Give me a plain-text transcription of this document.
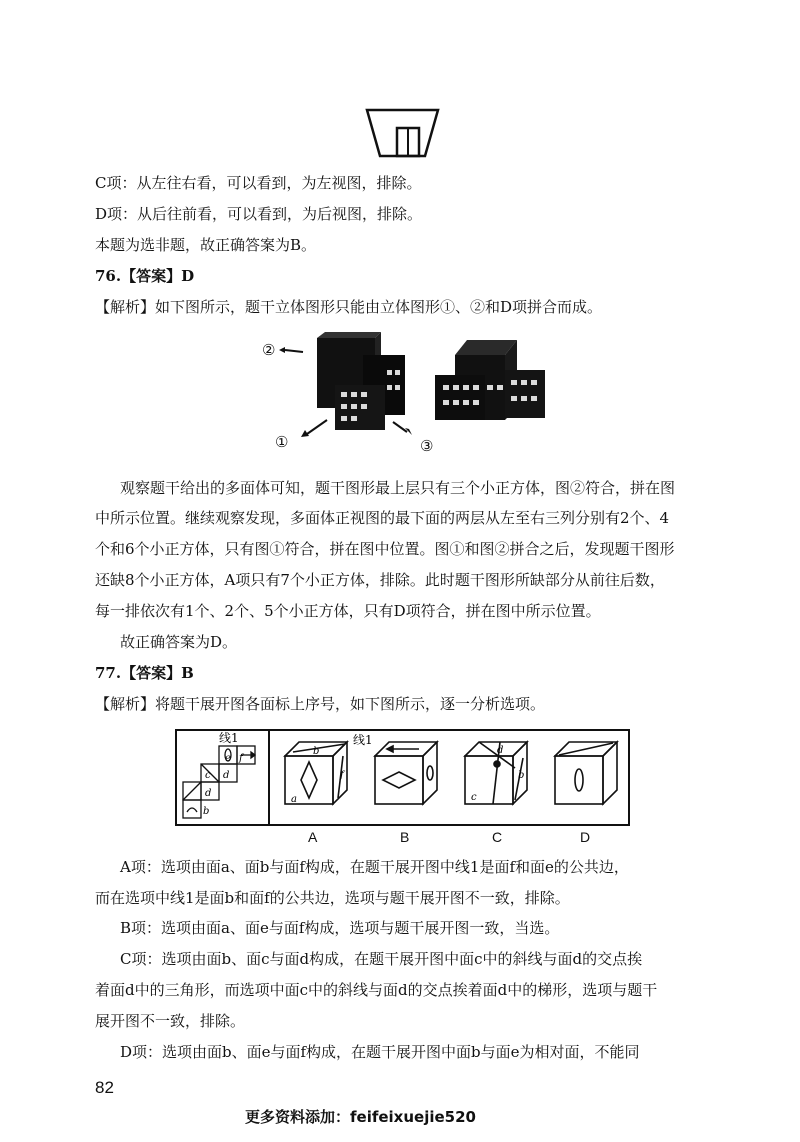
C项：从左往右看，可以看到，为左视图，排除。
D项：从后往前看，可以看到，为后视图，排除。
本题为选非题，故正确答案为B。
76.【答案】D
【解析】如下图所示，题干立体图形只能由立体图形①、②和D项拼合而成。
②
①	③
观察题干给出的多面体可知，题干图形最上层只有三个小正方体，图②符合，拼在图
中所示位置。继续观察发现，多面体正视图的最下面的两层从左至右三列分别有2个、4
个和6个小正方体，只有图①符合，拼在图中位置。图①和图②拼合之后，发现题干图形
还缺8个小正方体，A项只有7个小正方体，排除。此时题干图形所缺部分从前往后数，
每一排依次有1个、2个、5个小正方体，只有D项符合，拼在图中所示位置。
故正确答案为D。
77.【答案】B
【解析】将题干展开图各面标上序号，如下图所示，逐一分析选项。
线1
e f
c d
d
b
b
a
f
线1
d
c
b
A	B	C	D
A项：选项由面a、面b与面f构成，在题干展开图中线1是面f和面e的公共边，
而在选项中线1是面b和面f的公共边，选项与题干展开图不一致，排除。
B项：选项由面a、面e与面f构成，选项与题干展开图一致，当选。
C项：选项由面b、面c与面d构成，在题干展开图中面c中的斜线与面d的交点挨
着面d中的三角形，而选项中面c中的斜线与面d的交点挨着面d中的梯形，选项与题干
展开图不一致，排除。
D项：选项由面b、面e与面f构成，在题干展开图中面b与面e为相对面，不能同
82
更多资料添加：feifeixuejie520
